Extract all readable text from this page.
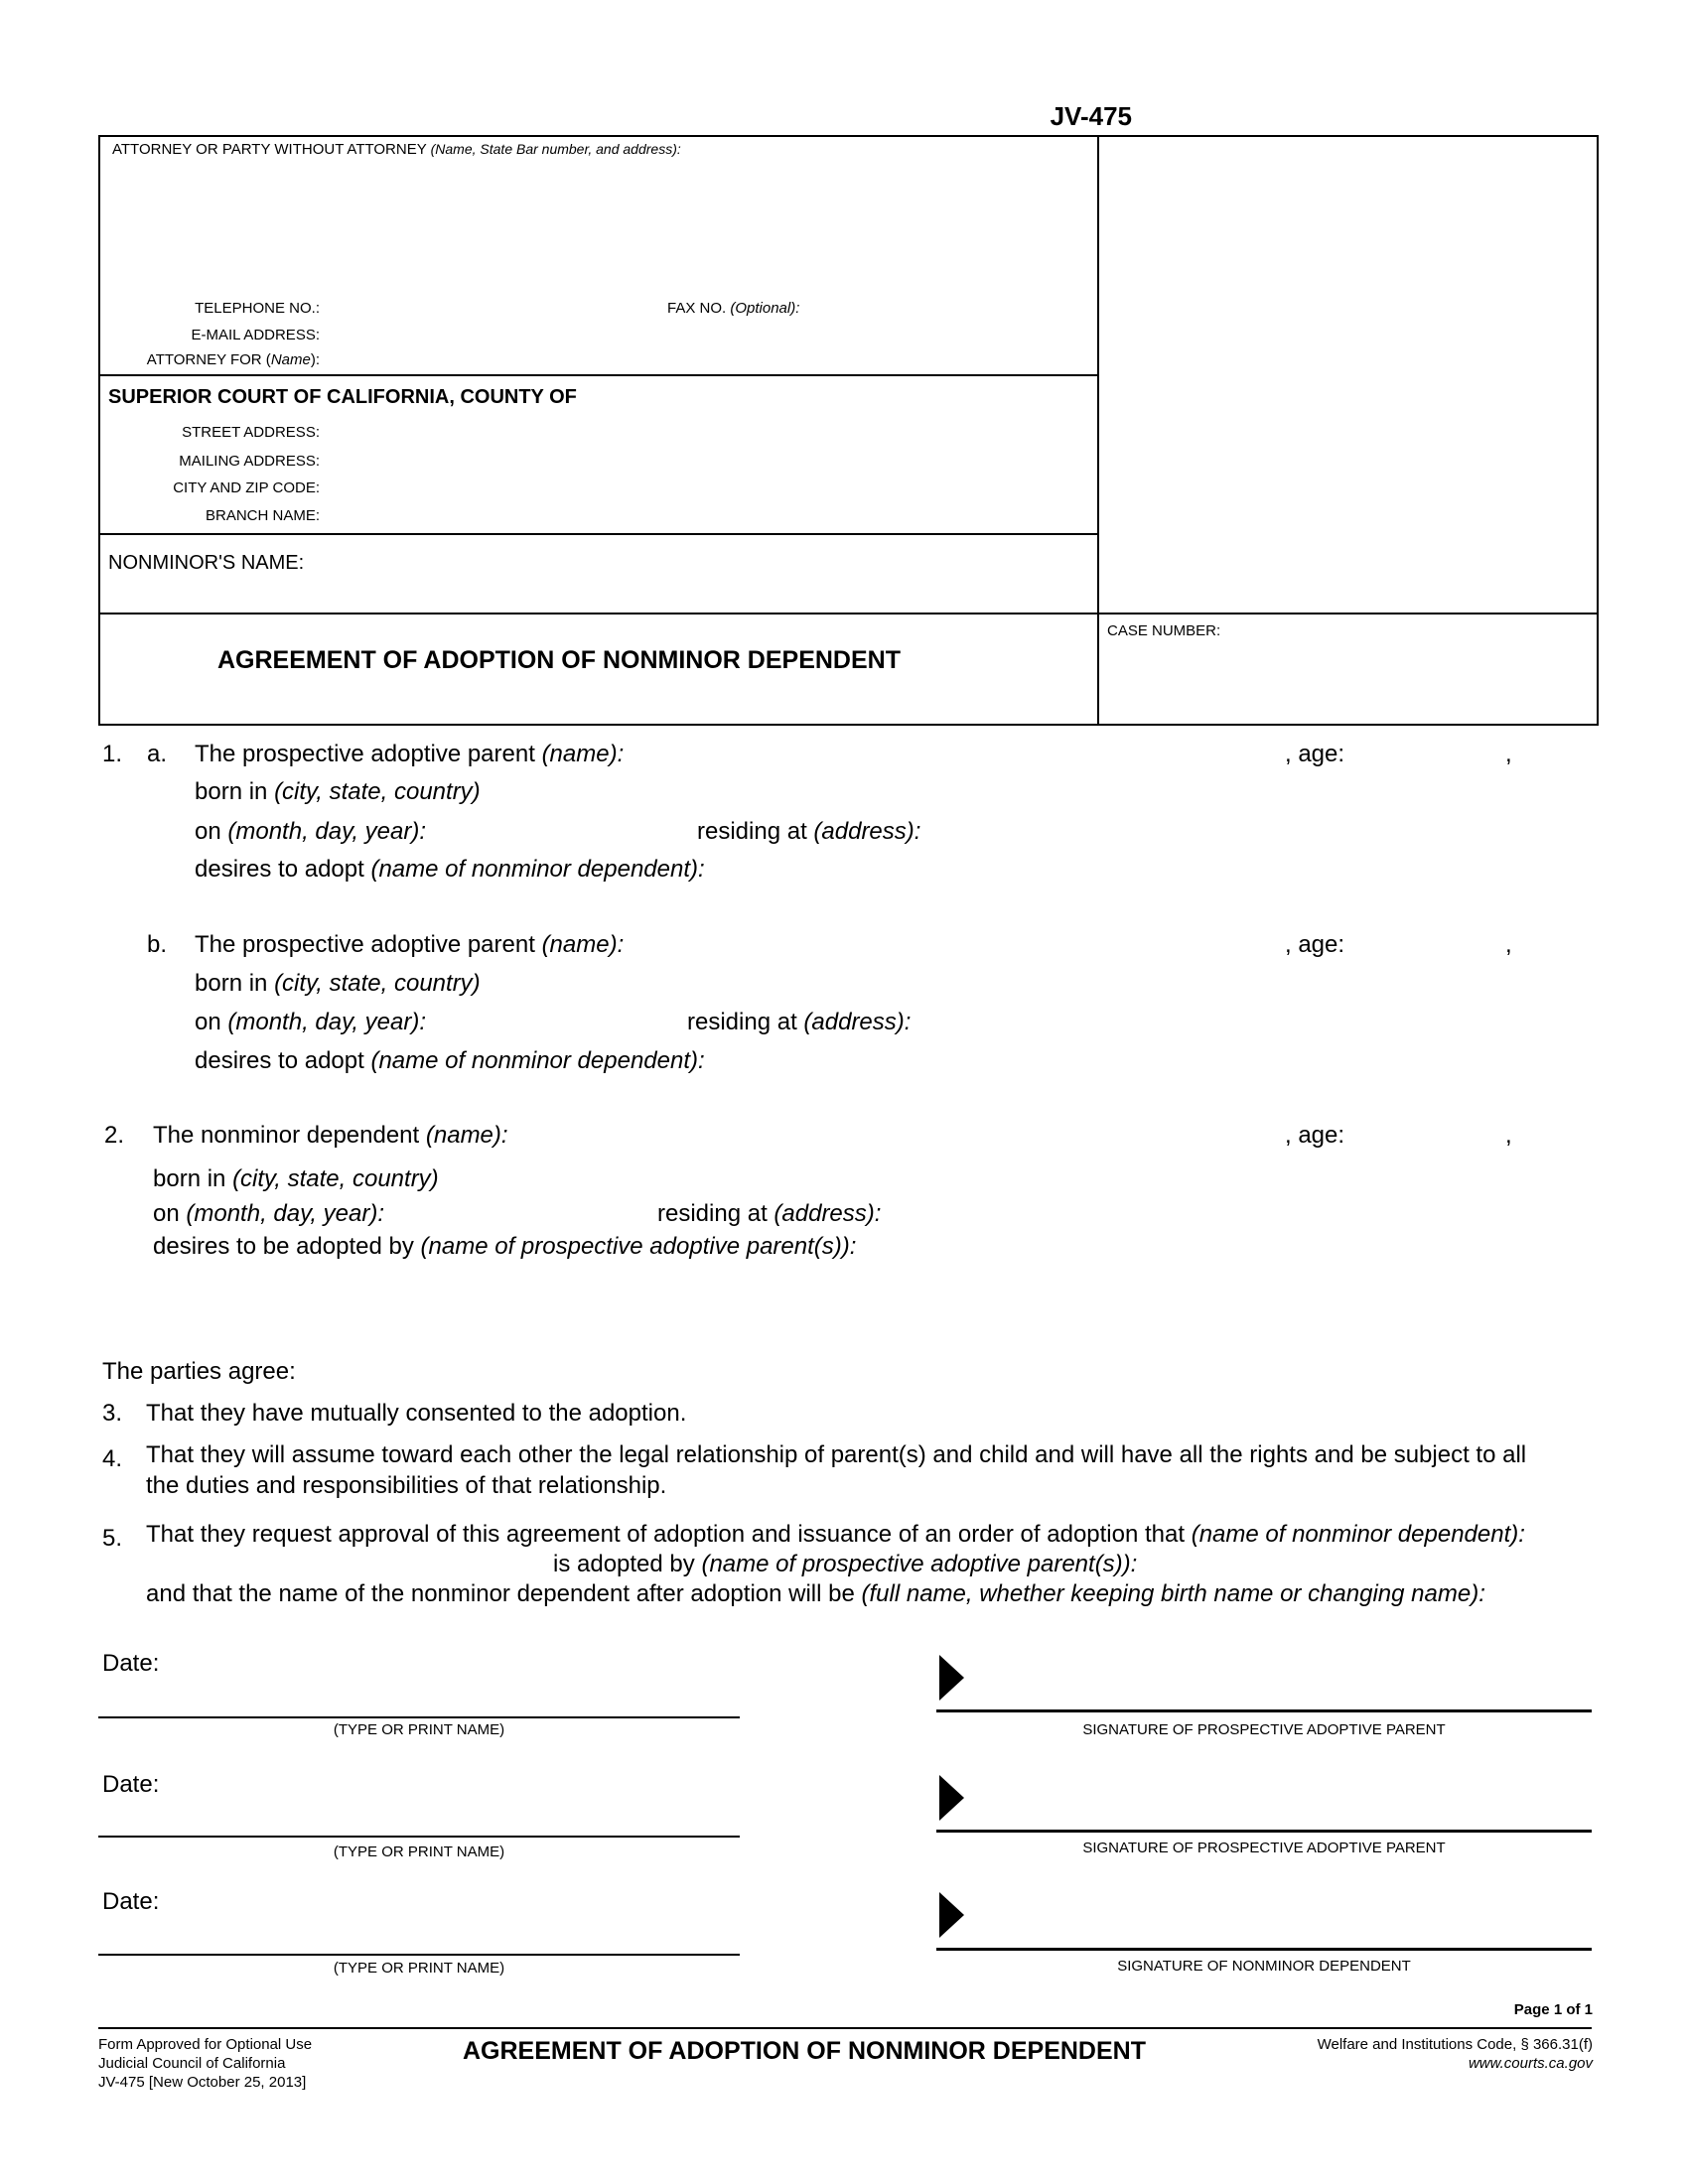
JV-475
ATTORNEY OR PARTY WITHOUT ATTORNEY (Name, State Bar number, and address):
TELEPHONE NO.:	FAX NO. (Optional):
E-MAIL ADDRESS:
ATTORNEY FOR (Name):
SUPERIOR COURT OF CALIFORNIA, COUNTY OF
STREET ADDRESS:
MAILING ADDRESS:
CITY AND ZIP CODE:
BRANCH NAME:
NONMINOR'S NAME:
AGREEMENT OF ADOPTION OF NONMINOR DEPENDENT
CASE NUMBER:
1. a. The prospective adoptive parent (name):	, age:	,
born in (city, state, country)
on (month, day, year):	residing at (address):
desires to adopt (name of nonminor dependent):
b. The prospective adoptive parent (name):	, age:	,
born in (city, state, country)
on (month, day, year):	residing at (address):
desires to adopt (name of nonminor dependent):
2. The nonminor dependent (name):	, age:	,
born in (city, state, country)
on (month, day, year):	residing at (address):
desires to be adopted by (name of prospective adoptive parent(s)):
The parties agree:
3. That they have mutually consented to the adoption.
4. That they will assume toward each other the legal relationship of parent(s) and child and will have all the rights and be subject to all
the duties and responsibilities of that relationship.
5. That they request approval of this agreement of adoption and issuance of an order of adoption that (name of nonminor dependent):
is adopted by (name of prospective adoptive parent(s)):
and that the name of the nonminor dependent after adoption will be (full name, whether keeping birth name or changing name):
Date:
(TYPE OR PRINT NAME)	SIGNATURE OF PROSPECTIVE ADOPTIVE PARENT
Date:
(TYPE OR PRINT NAME)	SIGNATURE OF PROSPECTIVE ADOPTIVE PARENT
Date:
(TYPE OR PRINT NAME)	SIGNATURE OF NONMINOR DEPENDENT
Page 1 of 1
Form Approved for Optional Use
Judicial Council of California
JV-475 [New October 25, 2013]
AGREEMENT OF ADOPTION OF NONMINOR DEPENDENT	Welfare and Institutions Code, § 366.31(f)
www.courts.ca.gov
